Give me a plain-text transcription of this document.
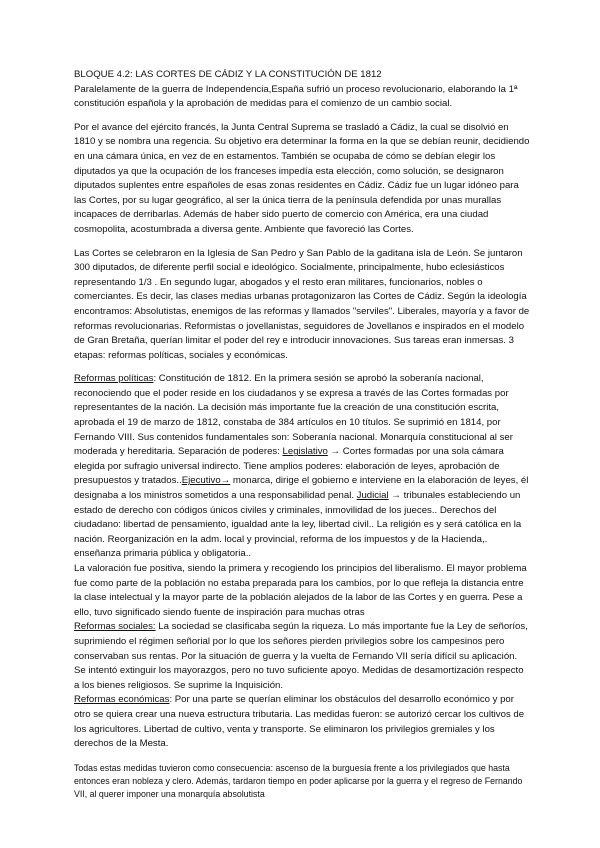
BLOQUE 4.2: LAS CORTES DE CÁDIZ Y LA CONSTITUCIÓN DE 1812

Paralelamente de la guerra de Independencia,España sufrió un proceso revolucionario, elaborando la 1ª constitución española y la aprobación de medidas para el comienzo de un cambio social.

Por el avance del ejército francés, la Junta Central Suprema se trasladó a Cádiz, la cual se disolvió en 1810 y se nombra una regencia. Su objetivo era determinar la forma en la que se debían reunir, decidiendo en una cámara única, en vez de en estamentos. También se ocupaba de cómo se debían elegir los diputados ya que la ocupación de los franceses impedía esta elección, como solución, se designaron diputados suplentes entre españoles de esas zonas residentes en Cádiz. Cádiz fue un lugar idóneo para las Cortes, por su lugar geográfico, al ser la única tierra de la península defendida por unas murallas incapaces de derribarlas. Además de haber sido puerto de comercio con América, era una ciudad cosmopolita, acostumbrada a diversa gente. Ambiente que favoreció las Cortes.

Las Cortes se celebraron en la Iglesia de San Pedro y San Pablo de la gaditana isla de León. Se juntaron 300 diputados, de diferente perfil social e ideológico. Socialmente, principalmente, hubo eclesiásticos representando 1/3 . En segundo lugar, abogados y el resto eran militares, funcionarios, nobles o comerciantes. Es decir, las clases medias urbanas protagonizaron las Cortes de Cádiz. Según la ideología encontramos: Absolutistas, enemigos de las reformas y llamados "serviles". Liberales, mayoría y a favor de reformas revolucionarias. Reformistas o jovellanistas, seguidores de Jovellanos e inspirados en el modelo de Gran Bretaña, querían limitar el poder del rey e introducir innovaciones. Sus tareas eran inmersas. 3 etapas: reformas políticas, sociales y económicas.

Reformas políticas: Constitución de 1812. En la primera sesión se aprobó la soberanía nacional, reconociendo que el poder reside en los ciudadanos y se expresa a través de las Cortes formadas por representantes de la nación. La decisión más importante fue la creación de una constitución escrita, aprobada el 19 de marzo de 1812, constaba de 384 artículos en 10 títulos. Se suprimió en 1814, por Fernando VIII. Sus contenidos fundamentales son: Soberanía nacional. Monarquía constitucional al ser moderada y hereditaria. Separación de poderes: Legislativo → Cortes formadas por una sola cámara elegida por sufragio universal indirecto. Tiene amplios poderes: elaboración de leyes, aprobación de presupuestos y tratados..Ejecutivo→ monarca, dirige el gobierno e interviene en la elaboración de leyes, él designaba a los ministros sometidos a una responsabilidad penal. Judicial → tribunales estableciendo un estado de derecho con códigos únicos civiles y criminales, inmovilidad de los jueces.. Derechos del ciudadano: libertad de pensamiento, igualdad ante la ley, libertad civil.. La religión es y será católica en la nación. Reorganización en la adm. local y provincial, reforma de los impuestos y de la Hacienda,. enseñanza primaria pública y obligatoria..

La valoración fue positiva, siendo la primera y recogiendo los principios del liberalismo. El mayor problema fue como parte de la población no estaba preparada para los cambios, por lo que refleja la distancia entre la clase intelectual y la mayor parte de la población alejados de la labor de las Cortes y en guerra. Pese a ello, tuvo significado siendo fuente de inspiración para muchas otras

Reformas sociales: La sociedad se clasificaba según la riqueza. Lo más importante fue la Ley de señoríos, suprimiendo el régimen señorial por lo que los señores pierden privilegios sobre los campesinos pero conservaban sus rentas. Por la situación de guerra y la vuelta de Fernando VII sería difícil su aplicación. Se intentó extinguir los mayorazgos, pero no tuvo suficiente apoyo. Medidas de desamortización respecto a los bienes religiosos. Se suprime la Inquisición.

Reformas económicas: Por una parte se querían eliminar los obstáculos del desarrollo económico y por otro se quiera crear una nueva estructura tributaria. Las medidas fueron: se autorizó cercar los cultivos de los agricultores. Libertad de cultivo, venta y transporte. Se eliminaron los privilegios gremiales y los derechos de la Mesta.

Todas estas medidas tuvieron como consecuencia: ascenso de la burguesía frente a los privilegiados que hasta entonces eran nobleza y clero. Además, tardaron tiempo en poder aplicarse por la guerra y el regreso de Fernando VII, al querer imponer una monarquía absolutista
